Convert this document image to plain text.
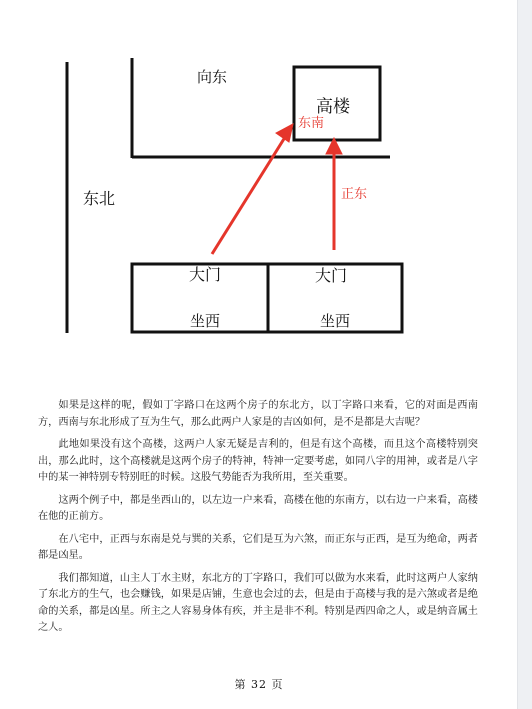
向东
高楼
东南
正东
东北
大门	大门
坐西	坐西

如果是这样的呢，假如丁字路口在这两个房子的东北方，以丁字路口来看，它的对面是西南方，西南与东北形成了互为生气，那么此两户人家是的吉凶如何，是不是都是大吉呢？

此地如果没有这个高楼，这两户人家无疑是吉利的，但是有这个高楼，而且这个高楼特别突出，那么此时，这个高楼就是这两个房子的特神，特神一定要考虑，如同八字的用神，或者是八字中的某一神特别专特别旺的时候。这股气势能否为我所用，至关重要。

这两个例子中，都是坐西山的，以左边一户来看，高楼在他的东南方，以右边一户来看，高楼在他的正前方。

在八宅中，正西与东南是兑与巽的关系，它们是互为六煞，而正东与正西，是互为绝命，两者都是凶星。

我们都知道，山主人丁水主财，东北方的丁字路口，我们可以做为水来看，此时这两户人家纳了东北方的生气，也会赚钱，如果是店铺，生意也会过的去，但是由于高楼与我的是六煞或者是绝命的关系，都是凶星。所主之人容易身体有疾，并主是非不利。特别是西四命之人，或是纳音属土之人。

第 32 页
